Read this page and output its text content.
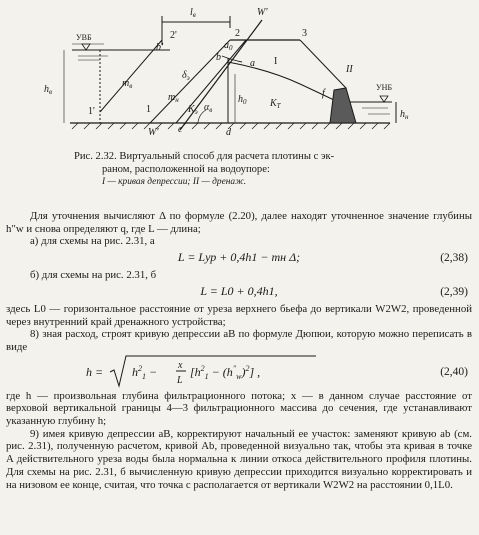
$l_в$	W'
УВБ
$h_в$
$m_в$
$m_н$
1'	1
2
2'	3
b'
b
a
$a_0$
$\delta_э$
$K_э$ $\alpha_в$
$h_0$ $K_T$
I
II
f
c	d
W'
УНБ
$h_н$
Рис. 2.32. Виртуальный способ для расчета плотины с эк-
раном, расположенной на водоупоре:
I — кривая депрессии; II — дренаж.

Для уточнения вычисляют Δ по формуле (2.20), далее находят уточненное значение глубины h″w и снова определяют q, где L — длина;

а) для схемы на рис. 2.31, а

L = Lур + 0,4h1 − mн Δ;	(2,38)

б) для схемы на рис. 2.31, б

L = L0 + 0,4h1,	(2,39)

здесь L0 — горизонтальное расстояние от уреза верхнего бьефа до вертикали W2W2, проведенной через внутренний край дренажного устройства;

8) зная расход, строят кривую депрессии aB по формуле Дюпюи, которую можно переписать в виде

$h = h^2_1 - x$
L
$[h^2_1 - (h''_w)^2]$ ,	(2,40)

где h — произвольная глубина фильтрационного потока; x — в данном случае расстояние от верховой вертикальной границы 4—3 фильтрационного массива до сечения, где устанавливают указанную глубину h;

9) имея кривую депрессии aB, корректируют начальный ее участок: заменяют кривую ab (см. рис. 2.31), полученную расчетом, кривой Ab, проведенной визуально так, чтобы эта кривая в точке A действительного уреза воды была нормальна к линии откоса действительного профиля плотины. Для схемы на рис. 2.31, б вычисленную кривую депрессии приходится визуально корректировать и на низовом ее конце, считая, что точка c располагается от вертикали W2W2 на расстоянии 0,1L0.
